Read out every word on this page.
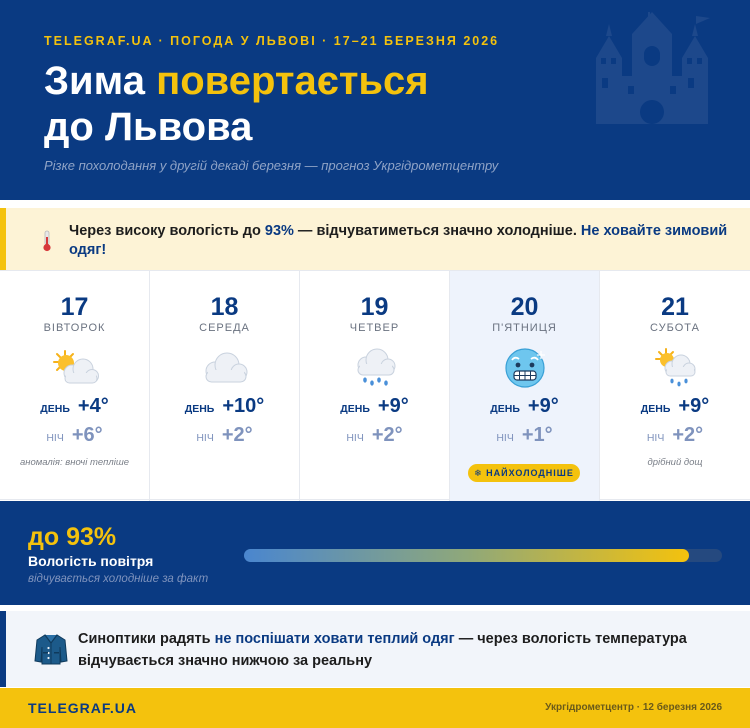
TELEGRAF.UA · ПОГОДА У ЛЬВОВІ · 17–21 БЕРЕЗНЯ 2026
Зима повертається
до Львова
Різке похолодання у другій декаді березня — прогноз Укргідрометцентру
Через високу вологість до 93% — відчуватиметься значно холодніше. Не ховайте зимовий одяг!
17
ВІВТОРОК
ДЕНЬ +4°
НІЧ +6°
аномалія: вночі тепліше
18
СЕРЕДА
ДЕНЬ +10°
НІЧ +2°
19
ЧЕТВЕР
ДЕНЬ +9°
НІЧ +2°
20
П'ЯТНИЦЯ
ДЕНЬ +9°
НІЧ +1°
❄ НАЙХОЛОДНІШЕ
21
СУБОТА
ДЕНЬ +9°
НІЧ +2°
дрібний дощ
до 93%
Вологість повітря
відчувається холодніше за факт
Синоптики радять не поспішати ховати теплий одяг — через вологість температура відчувається значно нижчою за реальну
TELEGRAF.UA	Укргідрометцентр · 12 березня 2026
